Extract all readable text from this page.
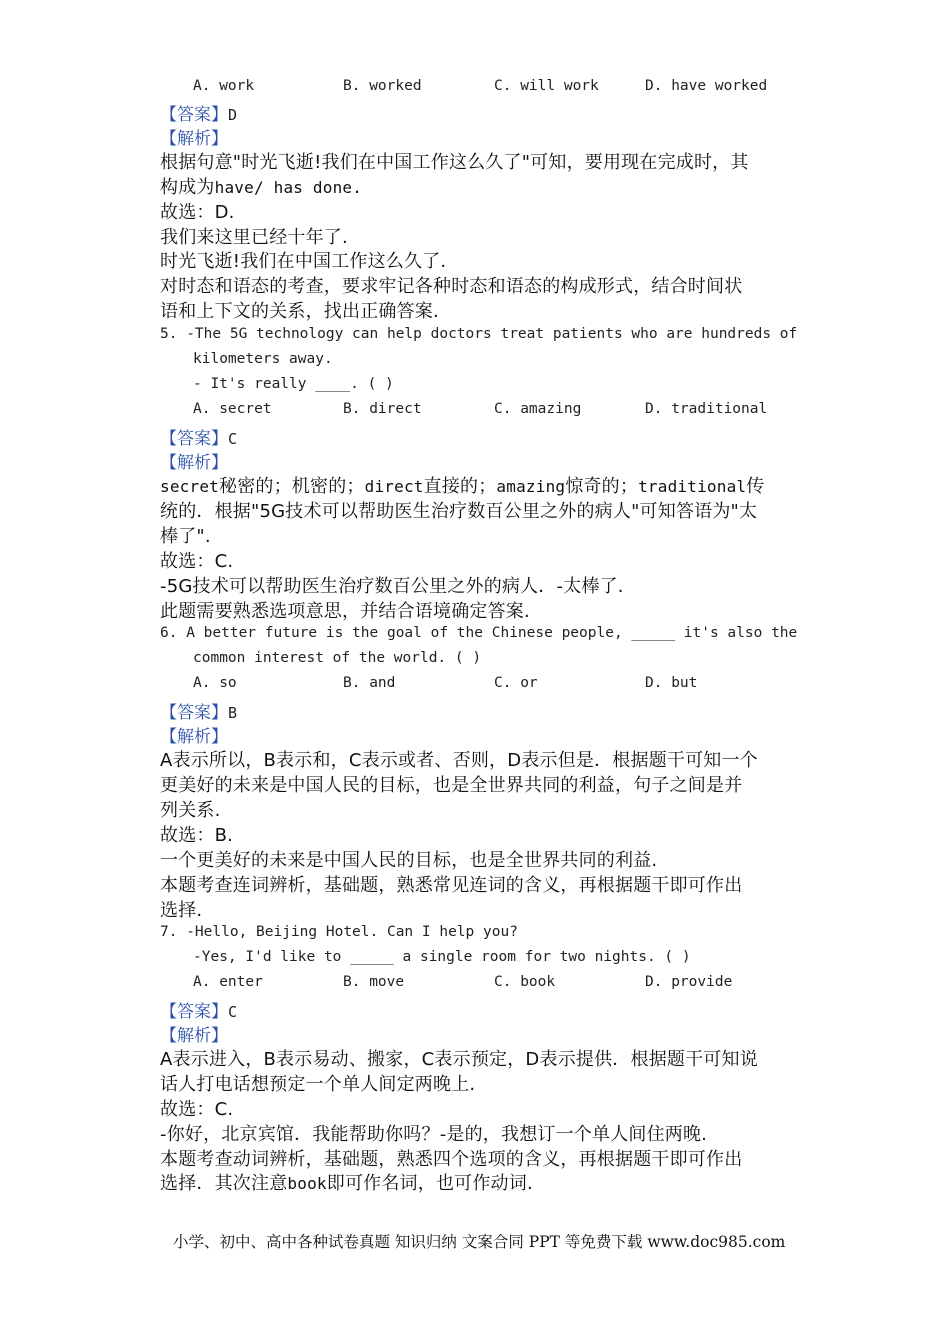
A. work	B. worked	C. will work	D. have worked
【答案】D
【解析】
根据句意"时光飞逝!我们在中国工作这么久了"可知，要用现在完成时，其
构成为have/ has done.
故选：D.
我们来这里已经十年了.
时光飞逝!我们在中国工作这么久了.
对时态和语态的考查，要求牢记各种时态和语态的构成形式，结合时间状
语和上下文的关系，找出正确答案.
5. -The 5G technology can help doctors treat patients who are hundreds of
kilometers away.
- It's really ____. ( )
A. secret	B. direct	C. amazing	D. traditional
【答案】C
【解析】
secret秘密的；机密的；direct直接的；amazing惊奇的；traditional传
统的．根据"5G技术可以帮助医生治疗数百公里之外的病人"可知答语为"太
棒了".
故选：C.
-5G技术可以帮助医生治疗数百公里之外的病人．-太棒了.
此题需要熟悉选项意思，并结合语境确定答案.
6. A better future is the goal of the Chinese people, _____ it's also the
common interest of the world. ( )
A. so	B. and	C. or	D. but
【答案】B
【解析】
A表示所以，B表示和，C表示或者、否则，D表示但是．根据题干可知一个
更美好的未来是中国人民的目标，也是全世界共同的利益，句子之间是并
列关系.
故选：B.
一个更美好的未来是中国人民的目标，也是全世界共同的利益.
本题考查连词辨析，基础题，熟悉常见连词的含义，再根据题干即可作出
选择.
7. -Hello, Beijing Hotel. Can I help you?
-Yes, I'd like to _____ a single room for two nights. ( )
A. enter	B. move	C. book	D. provide
【答案】C
【解析】
A表示进入，B表示易动、搬家，C表示预定，D表示提供．根据题干可知说
话人打电话想预定一个单人间定两晚上.
故选：C.
-你好，北京宾馆．我能帮助你吗？-是的，我想订一个单人间住两晚.
本题考查动词辨析，基础题，熟悉四个选项的含义，再根据题干即可作出
选择．其次注意book即可作名词，也可作动词.
小学、初中、高中各种试卷真题 知识归纳 文案合同 PPT 等免费下载 www.doc985.com
